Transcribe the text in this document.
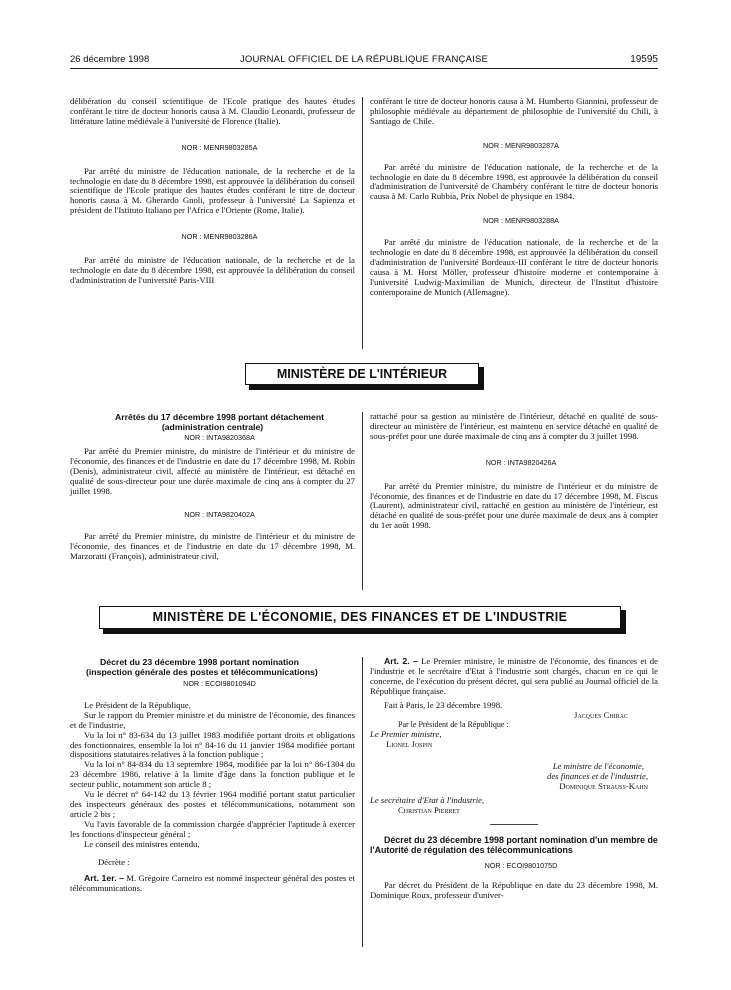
26 décembre 1998	JOURNAL OFFICIEL DE LA RÉPUBLIQUE FRANÇAISE	19595

délibération du conseil scientifique de l'Ecole pratique des hautes études conférant le titre de docteur honoris causa à M. Claudio Leonardi, professeur de littérature latine médiévale à l'université de Florence (Italie).

NOR : MENR9803285A

Par arrêté du ministre de l'éducation nationale, de la recherche et de la technologie en date du 8 décembre 1998, est approuvée la délibération du conseil scientifique de l'Ecole pratique des hautes études conférant le titre de docteur honoris causa à M. Gherardo Gnoli, professeur à l'université La Sapienza et président de l'Istituto Italiano per l'Africa e l'Oriente (Rome, Italie).

NOR : MENR9803286A

Par arrêté du ministre de l'éducation nationale, de la recherche et de la technologie en date du 8 décembre 1998, est approuvée la délibération du conseil d'administration de l'université Paris-VIII

conférant le titre de docteur honoris causa à M. Humberto Giannini, professeur de philosophie médiévale au département de philosophie de l'université du Chili, à Santiago de Chile.

NOR : MENR9803287A

Par arrêté du ministre de l'éducation nationale, de la recherche et de la technologie en date du 8 décembre 1998, est approuvée la délibération du conseil d'administration de l'université de Chambéry conférant le titre de docteur honoris causa à M. Carlo Rubbia, Prix Nobel de physique en 1984.

NOR : MENR9803288A

Par arrêté du ministre de l'éducation nationale, de la recherche et de la technologie en date du 8 décembre 1998, est approuvée la délibération du conseil d'administration de l'université Bordeaux-III conférant le titre de docteur honoris causa à M. Horst Möller, professeur d'histoire moderne et contemporaine à l'université Ludwig-Maximilian de Munich, directeur de l'Institut d'histoire contemporaine de Munich (Allemagne).

MINISTÈRE DE L'INTÉRIEUR

Arrêtés du 17 décembre 1998 portant détachement (administration centrale)

NOR : INTA9820368A

Par arrêté du Premier ministre, du ministre de l'intérieur et du ministre de l'économie, des finances et de l'industrie en date du 17 décembre 1998, M. Robin (Denis), administrateur civil, affecté au ministère de l'intérieur, est détaché en qualité de sous-directeur pour une durée maximale de cinq ans à compter du 27 juillet 1998.

NOR : INTA9820402A

Par arrêté du Premier ministre, du ministre de l'intérieur et du ministre de l'économie, des finances et de l'industrie en date du 17 décembre 1998, M. Marzoratti (François), administrateur civil,

rattaché pour sa gestion au ministère de l'intérieur, détaché en qualité de sous-directeur au ministère de l'intérieur, est maintenu en service détaché en qualité de sous-préfet pour une durée maximale de cinq ans à compter du 3 juillet 1998.

NOR : INTA9820426A

Par arrêté du Premier ministre, du ministre de l'intérieur et du ministre de l'économie, des finances et de l'industrie en date du 17 décembre 1998, M. Fiscus (Laurent), administrateur civil, rattaché en gestion au ministère de l'intérieur, est détaché en qualité de sous-préfet pour une durée maximale de deux ans à compter du 1er août 1998.

MINISTÈRE DE L'ÉCONOMIE, DES FINANCES ET DE L'INDUSTRIE

Décret du 23 décembre 1998 portant nomination (inspection générale des postes et télécommunications)

NOR : ECOI9801094D

Le Président de la République,

Sur le rapport du Premier ministre et du ministre de l'économie, des finances et de l'industrie,

Vu la loi n° 83-634 du 13 juillet 1983 modifiée portant droits et obligations des fonctionnaires, ensemble la loi n° 84-16 du 11 janvier 1984 modifiée portant dispositions statutaires relatives à la fonction publique ;

Vu la loi n° 84-834 du 13 septembre 1984, modifiée par la loi n° 86-1304 du 23 décembre 1986, relative à la limite d'âge dans la fonction publique et le secteur public, notamment son article 8 ;

Vu le décret n° 64-142 du 13 février 1964 modifié portant statut particulier des inspecteurs généraux des postes et télécommunications, notamment son article 2 bis ;

Vu l'avis favorable de la commission chargée d'apprécier l'aptitude à exercer les fonctions d'inspecteur général ;

Le conseil des ministres entendu,

Décrète :

Art. 1er. – M. Grégoire Carneiro est nommé inspecteur général des postes et télécommunications.

Art. 2. – Le Premier ministre, le ministre de l'économie, des finances et de l'industrie et le secrétaire d'Etat à l'industrie sont chargés, chacun en ce qui le concerne, de l'exécution du présent décret, qui sera publié au Journal officiel de la République française.

Fait à Paris, le 23 décembre 1998.

Jacques Chirac

Par le Président de la République :

Le Premier ministre,

Lionel Jospin

Le ministre de l'économie,

des finances et de l'industrie,

Dominique Strauss-Kahn

Le secrétaire d'Etat à l'industrie,

Christian Pierret

Décret du 23 décembre 1998 portant nomination d'un membre de l'Autorité de régulation des télécommunications

NOR : ECOI9801075D

Par décret du Président de la République en date du 23 décembre 1998, M. Dominique Roux, professeur d'univer-
